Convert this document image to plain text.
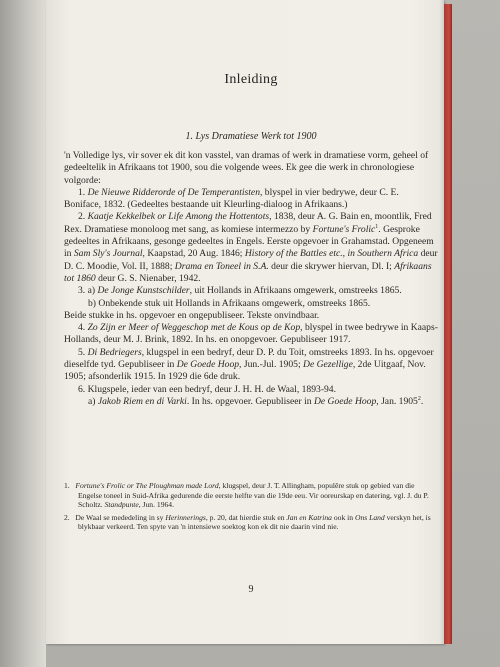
Inleiding
1. Lys Dramatiese Werk tot 1900

'n Volledige lys, vir sover ek dit kon vasstel, van dramas of werk in dramatiese vorm, geheel of gedeeltelik in Afrikaans tot 1900, sou die volgende wees. Ek gee die werk in chronologiese volgorde:

1. De Nieuwe Ridderorde of De Temperantisten, blyspel in vier bedrywe, deur C. E. Boniface, 1832. (Gedeeltes bestaande uit Kleurling-dialoog in Afrikaans.)

2. Kaatje Kekkelbek or Life Among the Hottentots, 1838, deur A. G. Bain en, moontlik, Fred Rex. Dramatiese monoloog met sang, as komiese intermezzo by Fortune's Frolic$^1$. Gesproke gedeeltes in Afrikaans, gesonge gedeeltes in Engels. Eerste opgevoer in Grahamstad. Opgeneem in Sam Sly's Journal, Kaapstad, 20 Aug. 1846; History of the Battles etc., in Southern Africa deur D. C. Moodie, Vol. II, 1888; Drama en Toneel in S.A. deur die skrywer hiervan, Dl. I; Afrikaans tot 1860 deur G. S. Nienaber, 1942.

3. a) De Jonge Kunstschilder, uit Hollands in Afrikaans omgewerk, omstreeks 1865.

b) Onbekende stuk uit Hollands in Afrikaans omgewerk, omstreeks 1865.

Beide stukke in hs. opgevoer en ongepubliseer. Tekste onvindbaar.

4. Zo Zijn er Meer of Weggeschop met de Kous op de Kop, blyspel in twee bedrywe in Kaaps-Hollands, deur M. J. Brink, 1892. In hs. en onopgevoer. Gepubliseer 1917.

5. Di Bedriegers, klugspel in een bedryf, deur D. P. du Toit, omstreeks 1893. In hs. opgevoer dieselfde tyd. Gepubliseer in De Goede Hoop, Jun.-Jul. 1905; De Gezellige, 2de Uitgaaf, Nov. 1905; afsonderlik 1915. In 1929 die 6de druk.

6. Klugspele, ieder van een bedryf, deur J. H. H. de Waal, 1893-94.

a) Jakob Riem en di Varki. In hs. opgevoer. Gepubliseer in De Goede Hoop, Jan. 1905$^2$.

1. Fortune's Frolic or The Ploughman made Lord, klugspel, deur J. T. Allingham, populêre stuk op gebied van die Engelse toneel in Suid-Afrika gedurende die eerste helfte van die 19de eeu. Vir ooreurskap en datering, vgl. J. du P. Scholtz. Standpunte, Jun. 1964.

2. De Waal se mededeling in sy Herinnerings, p. 20, dat hierdie stuk en Jan en Katrina ook in Ons Land verskyn het, is blykbaar verkeerd. Ten spyte van 'n intensiewe soektog kon ek dit nie daarin vind nie.

9
